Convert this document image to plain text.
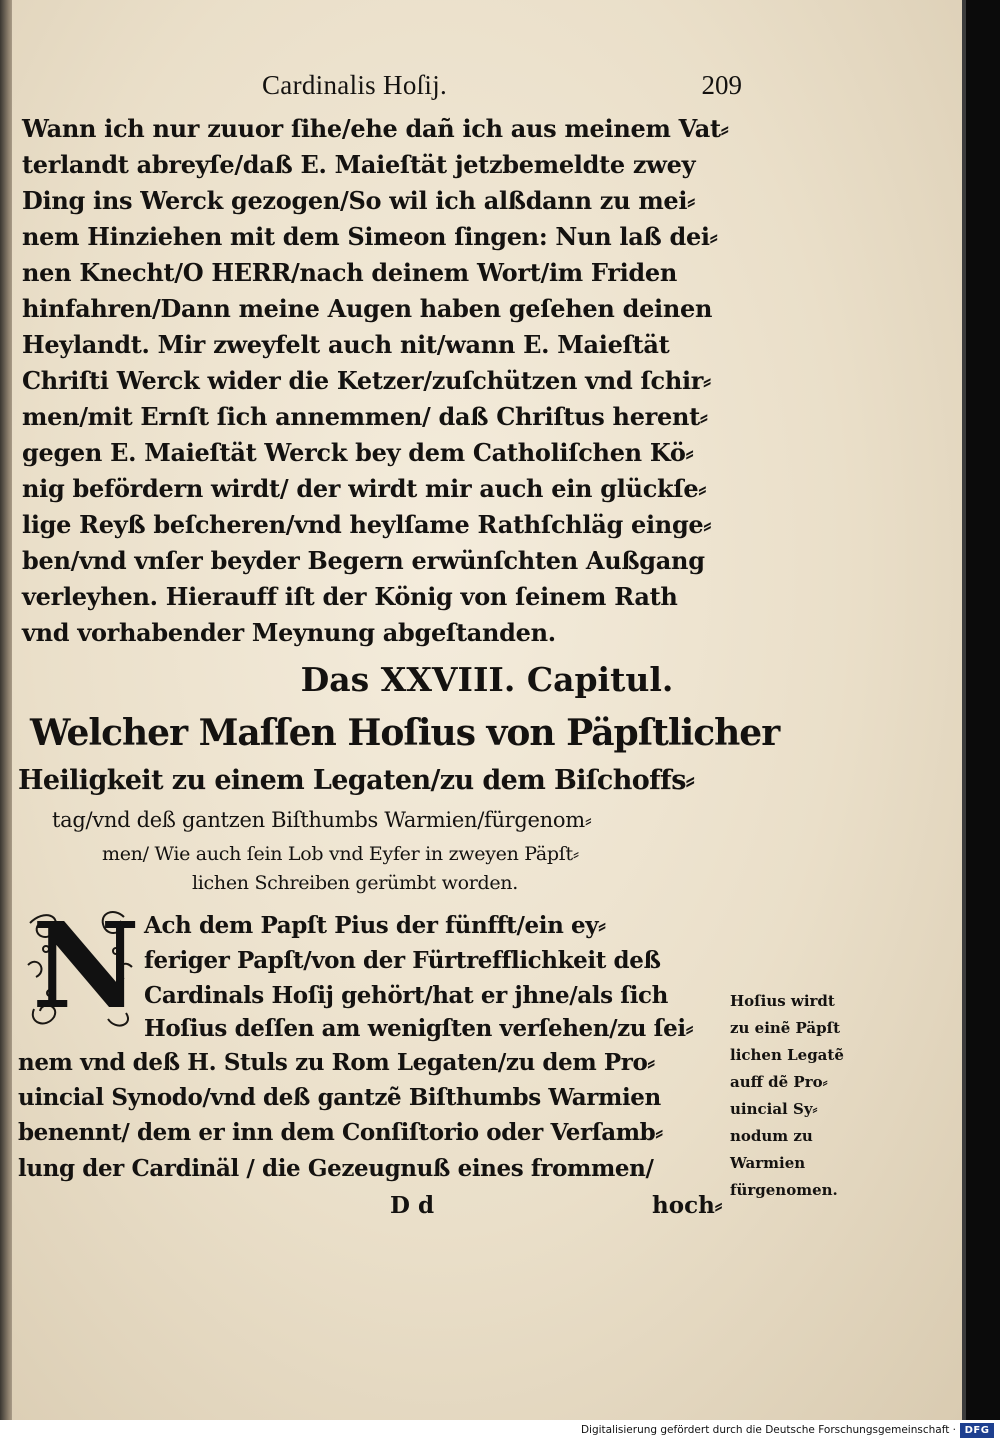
Cardinalis Hoſij.	209
Wann ich nur zuuor ſihe/ehe dañ ich aus meinem Vat⸗
terlandt abreyſe/daß E. Maieſtät jetzbemeldte zwey
Ding ins Werck gezogen/So wil ich alßdann zu mei⸗
nem Hinziehen mit dem Simeon ſingen: Nun laß dei⸗
nen Knecht/O HERR/nach deinem Wort/im Friden
hinfahren/Dann meine Augen haben geſehen deinen
Heylandt. Mir zweyfelt auch nit/wann E. Maieſtät
Chriſti Werck wider die Ketzer/zuſchützen vnd ſchir⸗
men/mit Ernſt ſich annemmen/ daß Chriſtus herent⸗
gegen E. Maieſtät Werck bey dem Catholiſchen Kö⸗
nig befördern wirdt/ der wirdt mir auch ein glückſe⸗
lige Reyß beſcheren/vnd heylſame Rathſchläg einge⸗
ben/vnd vnſer beyder Begern erwünſchten Außgang
verleyhen. Hierauff iſt der König von ſeinem Rath
vnd vorhabender Meynung abgeſtanden.
Das XXVIII. Capitul.
Welcher Maſſen Hoſius von Päpſtlicher
Heiligkeit zu einem Legaten/zu dem Biſchoffs⸗
tag/vnd deß gantzen Biſthumbs Warmien/fürgenom⸗
men/ Wie auch ſein Lob vnd Eyfer in zweyen Päpſt⸗
lichen Schreiben gerümbt worden.
N Ach dem Papſt Pius der fünfft/ein ey⸗
feriger Papſt/von der Fürtrefflichkeit deß
Cardinals Hoſij gehört/hat er jhne/als ſich
Hoſius deſſen am wenigſten verſehen/zu ſei⸗
nem vnd deß H. Stuls zu Rom Legaten/zu dem Pro⸗
uincial Synodo/vnd deß gantzẽ Biſthumbs Warmien
benennt/ dem er inn dem Conſiſtorio oder Verſamb⸗
lung der Cardinäl / die Gezeugnuß eines frommen/
Hoſius wirdt
zu einẽ Päpſt
lichen Legatẽ
auff dẽ Pro⸗
uincial Sy⸗
nodum zu
Warmien
fürgenomen.
D d	hoch⸗
Digitalisierung gefördert durch die Deutsche Forschungsgemeinschaft · DFG
